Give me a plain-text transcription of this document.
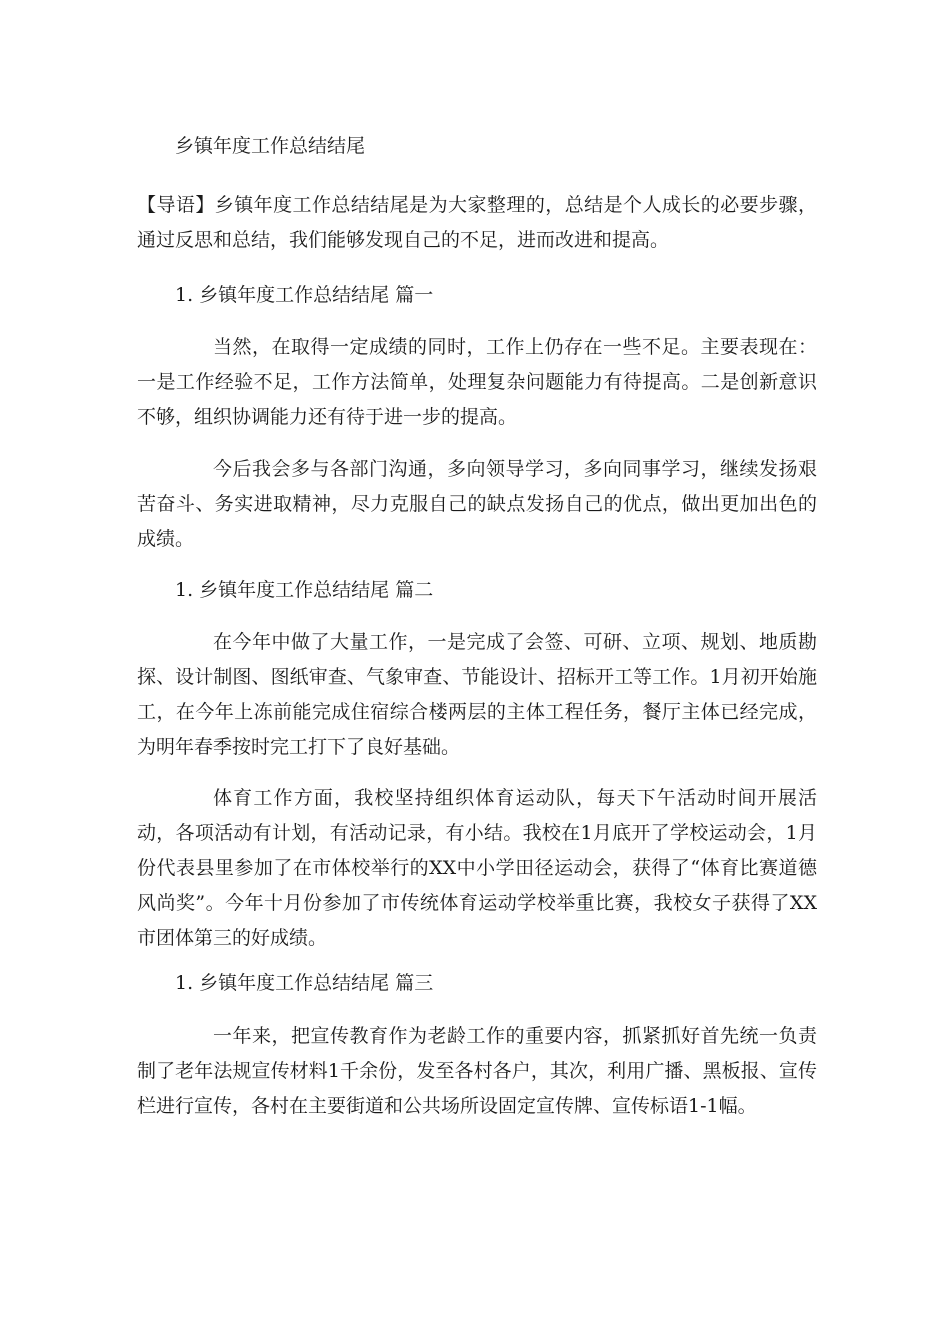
乡镇年度工作总结结尾

【导语】乡镇年度工作总结结尾是为大家整理的，总结是个人成长的必要步骤，通过反思和总结，我们能够发现自己的不足，进而改进和提高。

1. 乡镇年度工作总结结尾 篇一

当然，在取得一定成绩的同时，工作上仍存在一些不足。主要表现在：一是工作经验不足，工作方法简单，处理复杂问题能力有待提高。二是创新意识不够，组织协调能力还有待于进一步的提高。

今后我会多与各部门沟通，多向领导学习，多向同事学习，继续发扬艰苦奋斗、务实进取精神，尽力克服自己的缺点发扬自己的优点，做出更加出色的成绩。

1. 乡镇年度工作总结结尾 篇二

在今年中做了大量工作，一是完成了会签、可研、立项、规划、地质勘探、设计制图、图纸审查、气象审查、节能设计、招标开工等工作。1月初开始施工，在今年上冻前能完成住宿综合楼两层的主体工程任务，餐厅主体已经完成，为明年春季按时完工打下了良好基础。

体育工作方面，我校坚持组织体育运动队，每天下午活动时间开展活动，各项活动有计划，有活动记录，有小结。我校在1月底开了学校运动会，1月份代表县里参加了在市体校举行的XX中小学田径运动会，获得了“体育比赛道德风尚奖”。今年十月份参加了市传统体育运动学校举重比赛，我校女子获得了XX市团体第三的好成绩。

1. 乡镇年度工作总结结尾 篇三

一年来，把宣传教育作为老龄工作的重要内容，抓紧抓好首先统一负责制了老年法规宣传材料1千余份，发至各村各户，其次，利用广播、黑板报、宣传栏进行宣传，各村在主要街道和公共场所设固定宣传牌、宣传标语1-1幅。
